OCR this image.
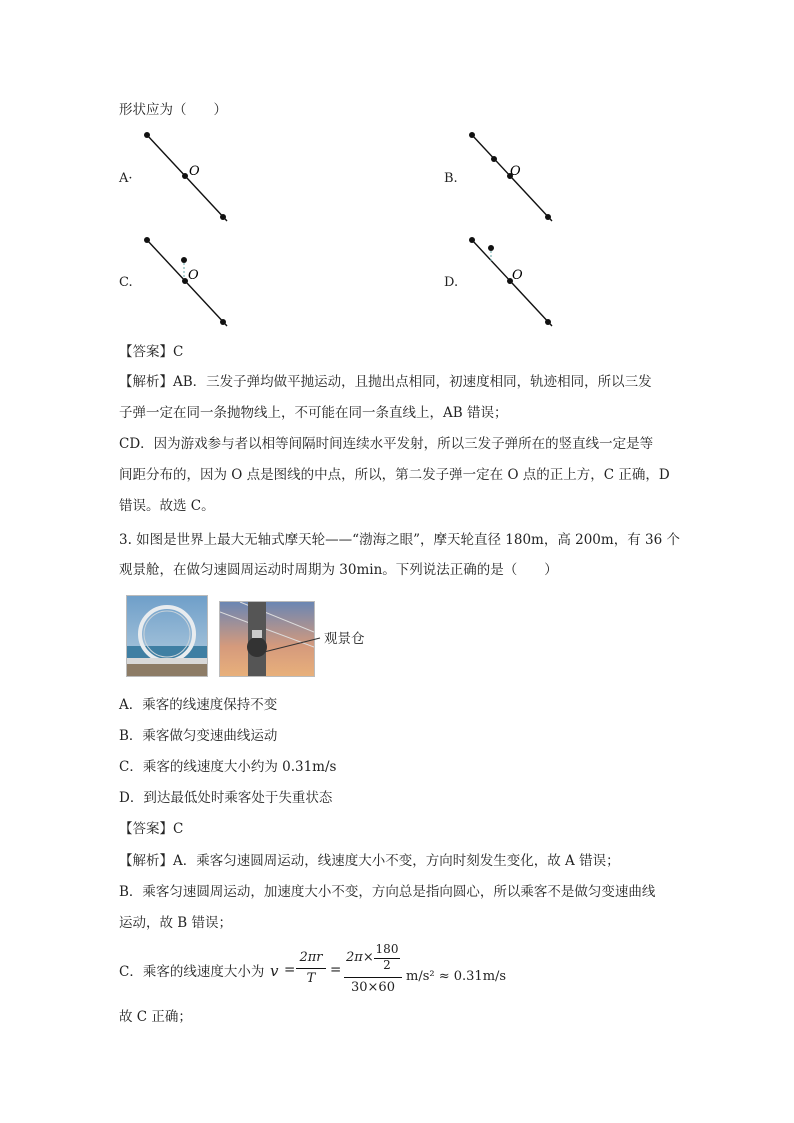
形状应为（　　）
A·	O	B.	O
C.	O	D.	O
【答案】C
【解析】AB．三发子弹均做平抛运动，且抛出点相同，初速度相同，轨迹相同，所以三发
子弹一定在同一条抛物线上，不可能在同一条直线上，AB 错误；
CD．因为游戏参与者以相等间隔时间连续水平发射，所以三发子弹所在的竖直线一定是等
间距分布的，因为 O 点是图线的中点，所以，第二发子弹一定在 O 点的正上方，C 正确，D
错误。故选 C。
3. 如图是世界上最大无轴式摩天轮——“渤海之眼”，摩天轮直径 180m，高 200m，有 36 个
观景舱，在做匀速圆周运动时周期为 30min。下列说法正确的是（　　）
观景仓
A．乘客的线速度保持不变
B．乘客做匀变速曲线运动
C．乘客的线速度大小约为 0.31m/s
D．到达最低处时乘客处于失重状态
【答案】C
【解析】A．乘客匀速圆周运动，线速度大小不变，方向时刻发生变化，故 A 错误；
B．乘客匀速圆周运动，加速度大小不变，方向总是指向圆心，所以乘客不是做匀变速曲线
运动，故 B 错误；
C．乘客的线速度大小为 v =
2πr
T
=
2π×
180
2
30×60
m/s² ≈ 0.31m/s
故 C 正确；
